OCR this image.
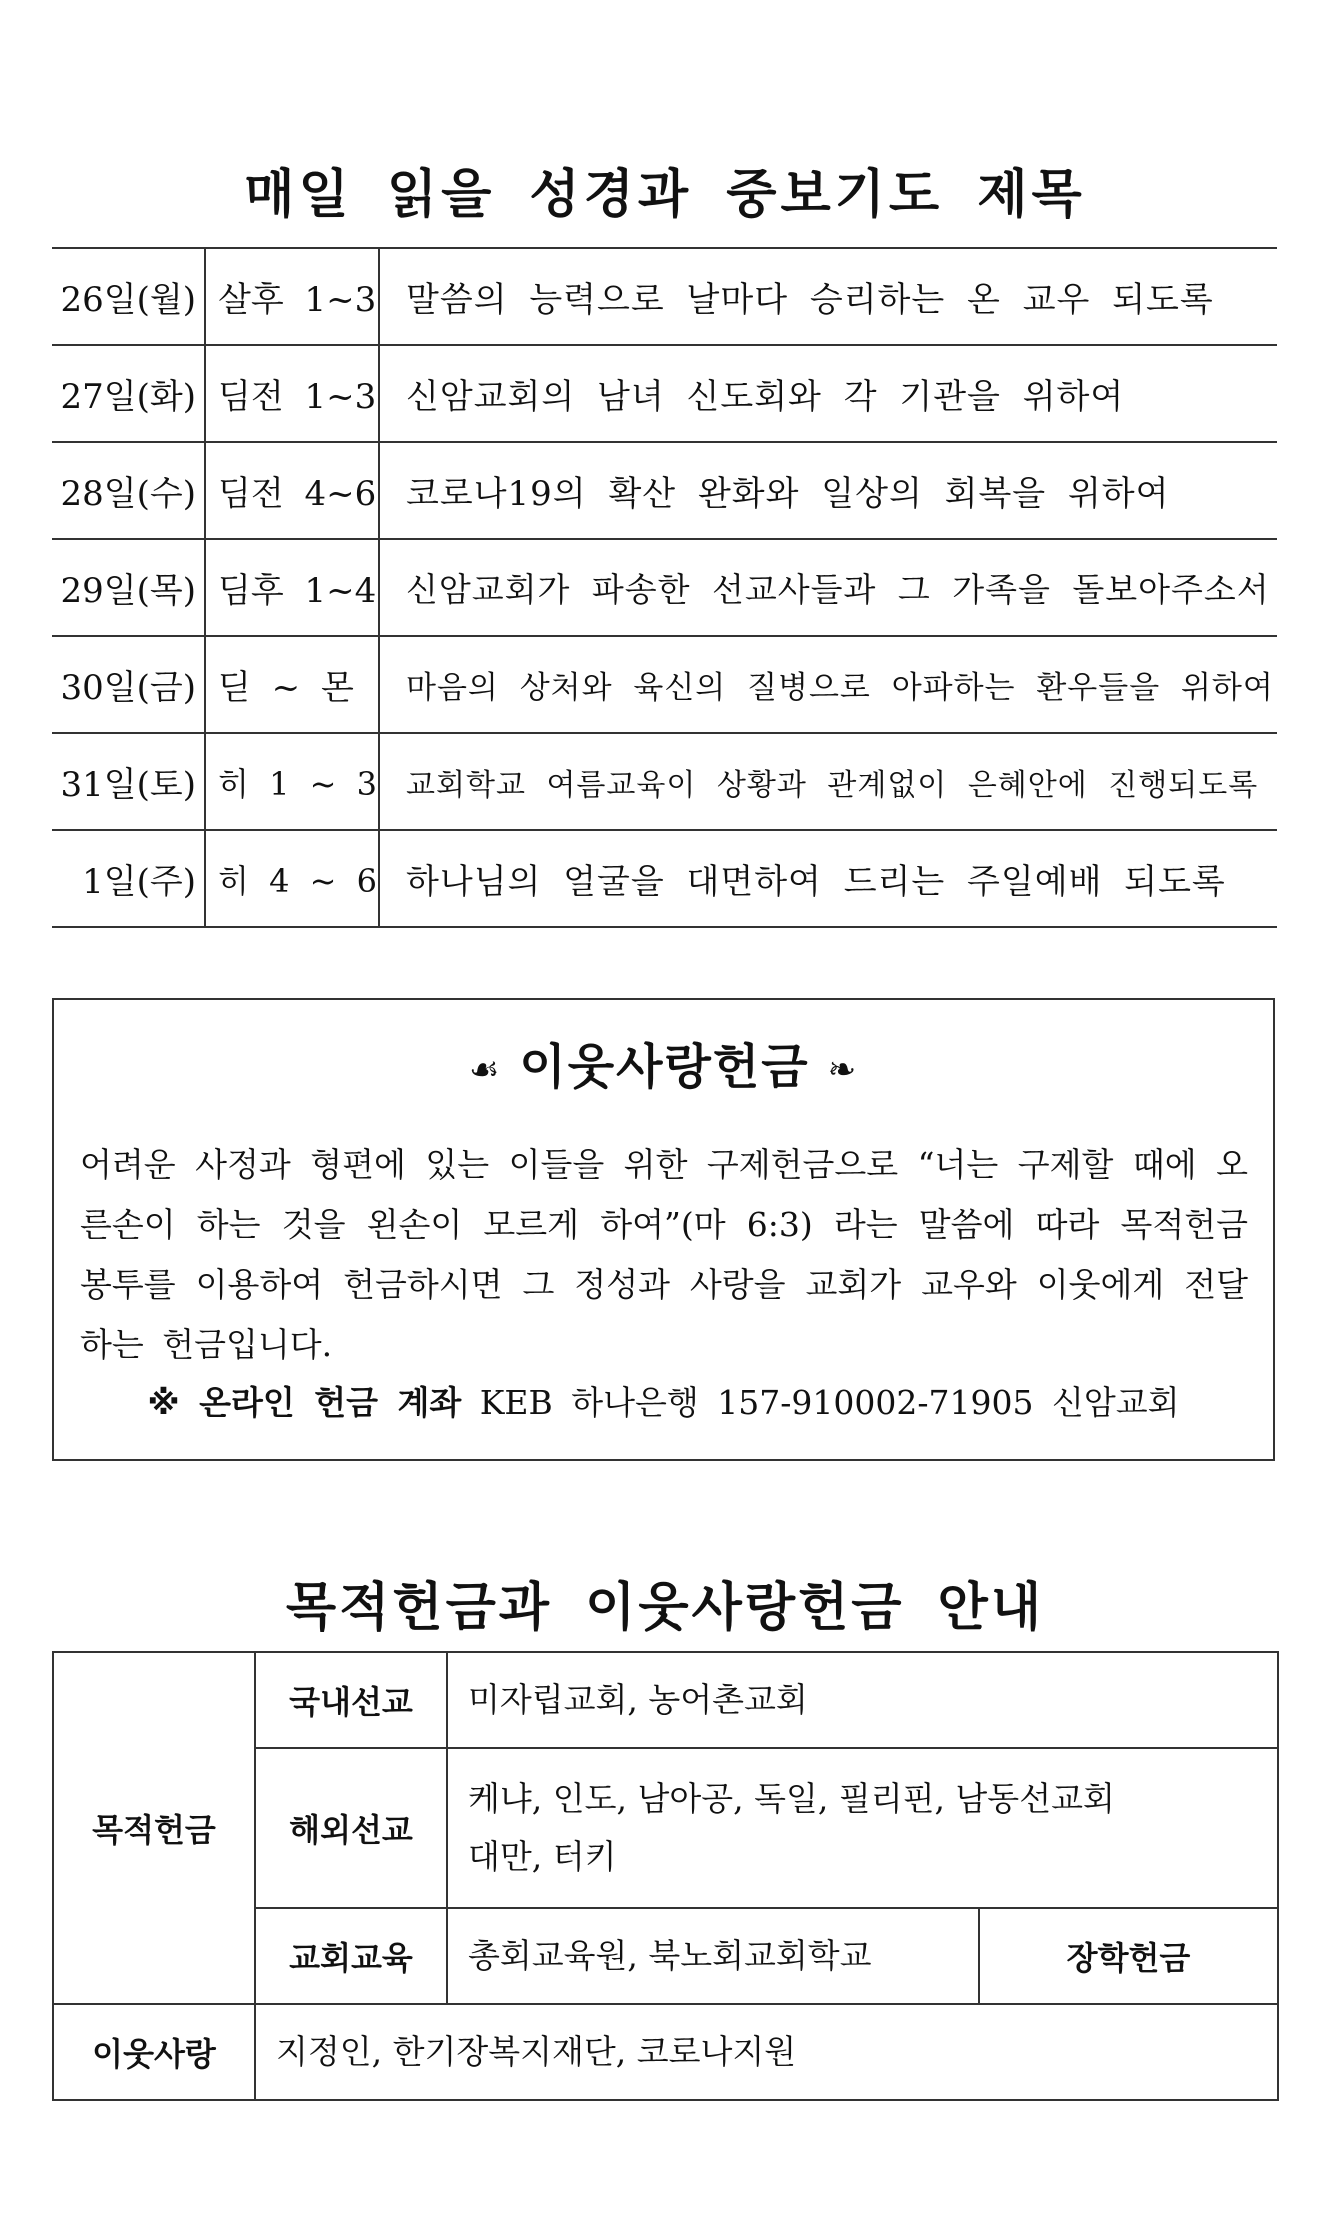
매일 읽을 성경과 중보기도 제목
26일(월)	살후 1~3	말씀의 능력으로 날마다 승리하는 온 교우 되도록
27일(화)	딤전 1~3	신암교회의 남녀 신도회와 각 기관을 위하여
28일(수)	딤전 4~6	코로나19의 확산 완화와 일상의 회복을 위하여
29일(목)	딤후 1~4	신암교회가 파송한 선교사들과 그 가족을 돌보아주소서
30일(금)	딛 ~ 몬	마음의 상처와 육신의 질병으로 아파하는 환우들을 위하여
31일(토)	히 1 ~ 3	교회학교 여름교육이 상황과 관계없이 은혜안에 진행되도록
1일(주)	히 4 ~ 6	하나님의 얼굴을 대면하여 드리는 주일예배 되도록
☙ 이웃사랑헌금 ❧
어려운 사정과 형편에 있는 이들을 위한 구제헌금으로 “너는 구제할 때에 오른손이 하는 것을 왼손이 모르게 하여”(마 6:3) 라는 말씀에 따라 목적헌금 봉투를 이용하여 헌금하시면 그 정성과 사랑을 교회가 교우와 이웃에게 전달하는 헌금입니다.
※ 온라인 헌금 계좌 KEB 하나은행 157-910002-71905 신암교회
목적헌금과 이웃사랑헌금 안내
목적헌금	국내선교	미자립교회, 농어촌교회	
	해외선교	케냐, 인도, 남아공, 독일, 필리핀, 남동선교회
대만, 터키	

	교회교육	총회교육원, 북노회교회학교	장학헌금
이웃사랑	지정인, 한기장복지재단, 코로나지원		
